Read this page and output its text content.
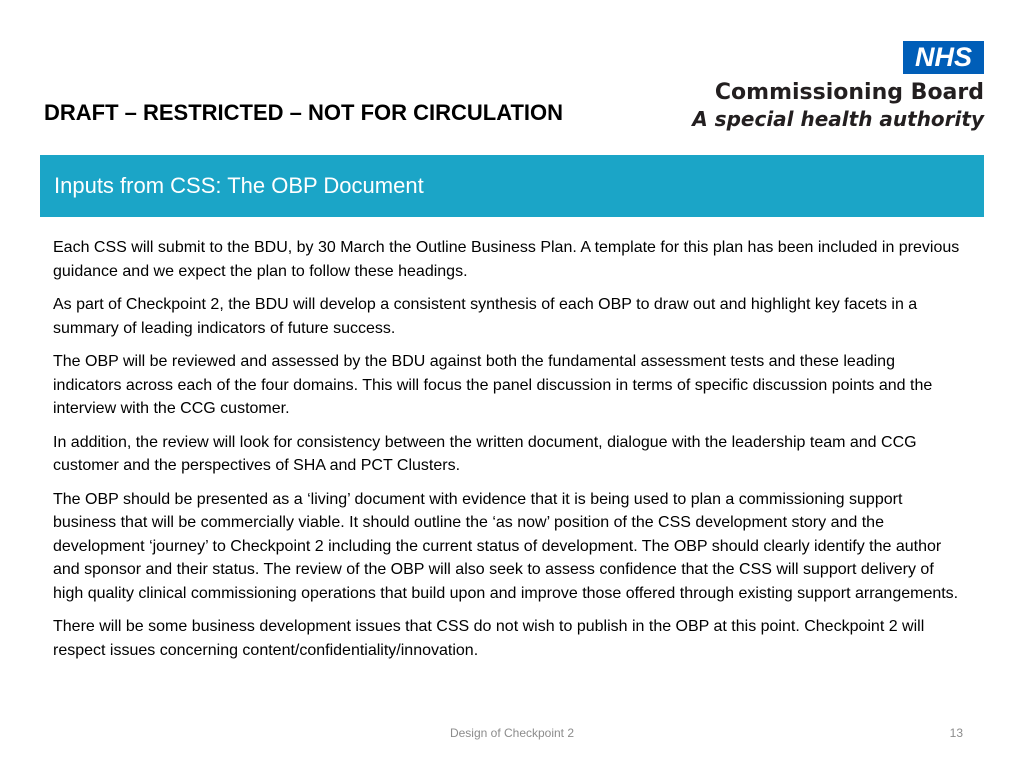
DRAFT – RESTRICTED – NOT FOR CIRCULATION
NHS
Commissioning Board
A special health authority
Inputs from CSS: The OBP Document

Each CSS will submit to the BDU, by 30 March the Outline Business Plan. A template for this plan has been included in previous guidance and we expect the plan to follow these headings.

As part of Checkpoint 2, the BDU will develop a consistent synthesis of each OBP to draw out and highlight key facets in a summary of leading indicators of future success.

The OBP will be reviewed and assessed by the BDU against both the fundamental assessment tests and these leading indicators across each of the four domains. This will focus the panel discussion in terms of specific discussion points and the interview with the CCG customer.

In addition, the review will look for consistency between the written document, dialogue with the leadership team and CCG customer and the perspectives of SHA and PCT Clusters.

The OBP should be presented as a ‘living’ document with evidence that it is being used to plan a commissioning support business that will be commercially viable. It should outline the ‘as now’ position of the CSS development story and the development ‘journey’ to Checkpoint 2 including the current status of development. The OBP should clearly identify the author and sponsor and their status. The review of the OBP will also seek to assess confidence that the CSS will support delivery of high quality clinical commissioning operations that build upon and improve those offered through existing support arrangements.

There will be some business development issues that CSS do not wish to publish in the OBP at this point. Checkpoint 2 will respect issues concerning content/confidentiality/innovation.

Design of Checkpoint 2	13
